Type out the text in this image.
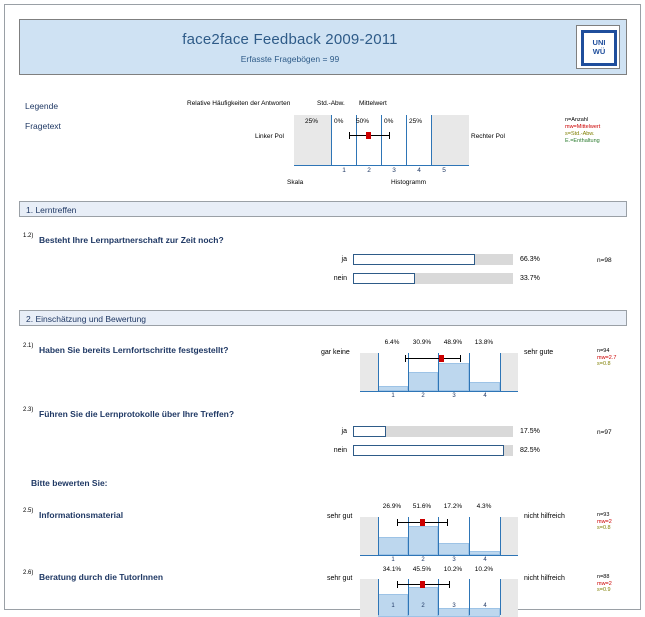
face2face Feedback 2009-2011
Erfasste Fragebögen = 99
UNI
WÜ
Legende
Fragetext
Relative Häufigkeiten der Antworten	Std.-Abw. Mittelwert
25% 0% 50% 0% 25%
Linker Pol	Rechter Pol
1	2	3	4	5
Skala	Histogramm
n=Anzahl
mw=Mittelwert
s=Std.-Abw.
E.=Enthaltung
1. Lerntreffen
1.2) Besteht Ihre Lernpartnerschaft zur Zeit noch?
ja	66.3%
nein	33.7%
n=98
2. Einschätzung und Bewertung
2.1) Haben Sie bereits Lernfortschritte festgestellt?
6.4%	30.9%	48.9%	13.8%
1	2	3	4
gar keine	sehr gute	n=94
mw=2.7
s=0.8
2.3) Führen Sie die Lernprotokolle über Ihre Treffen?
ja	17.5%
nein	82.5%
n=97
Bitte bewerten Sie:
2.5) Informationsmaterial
26.9%	51.6%	17.2%	4.3%
1	2	3	4
sehr gut	nicht hilfreich	n=93
mw=2
s=0.8
2.6) Beratung durch die TutorInnen
34.1%	45.5%	10.2%	10.2%
1	2	3	4
sehr gut	nicht hilfreich	n=88
mw=2
s=0.9
